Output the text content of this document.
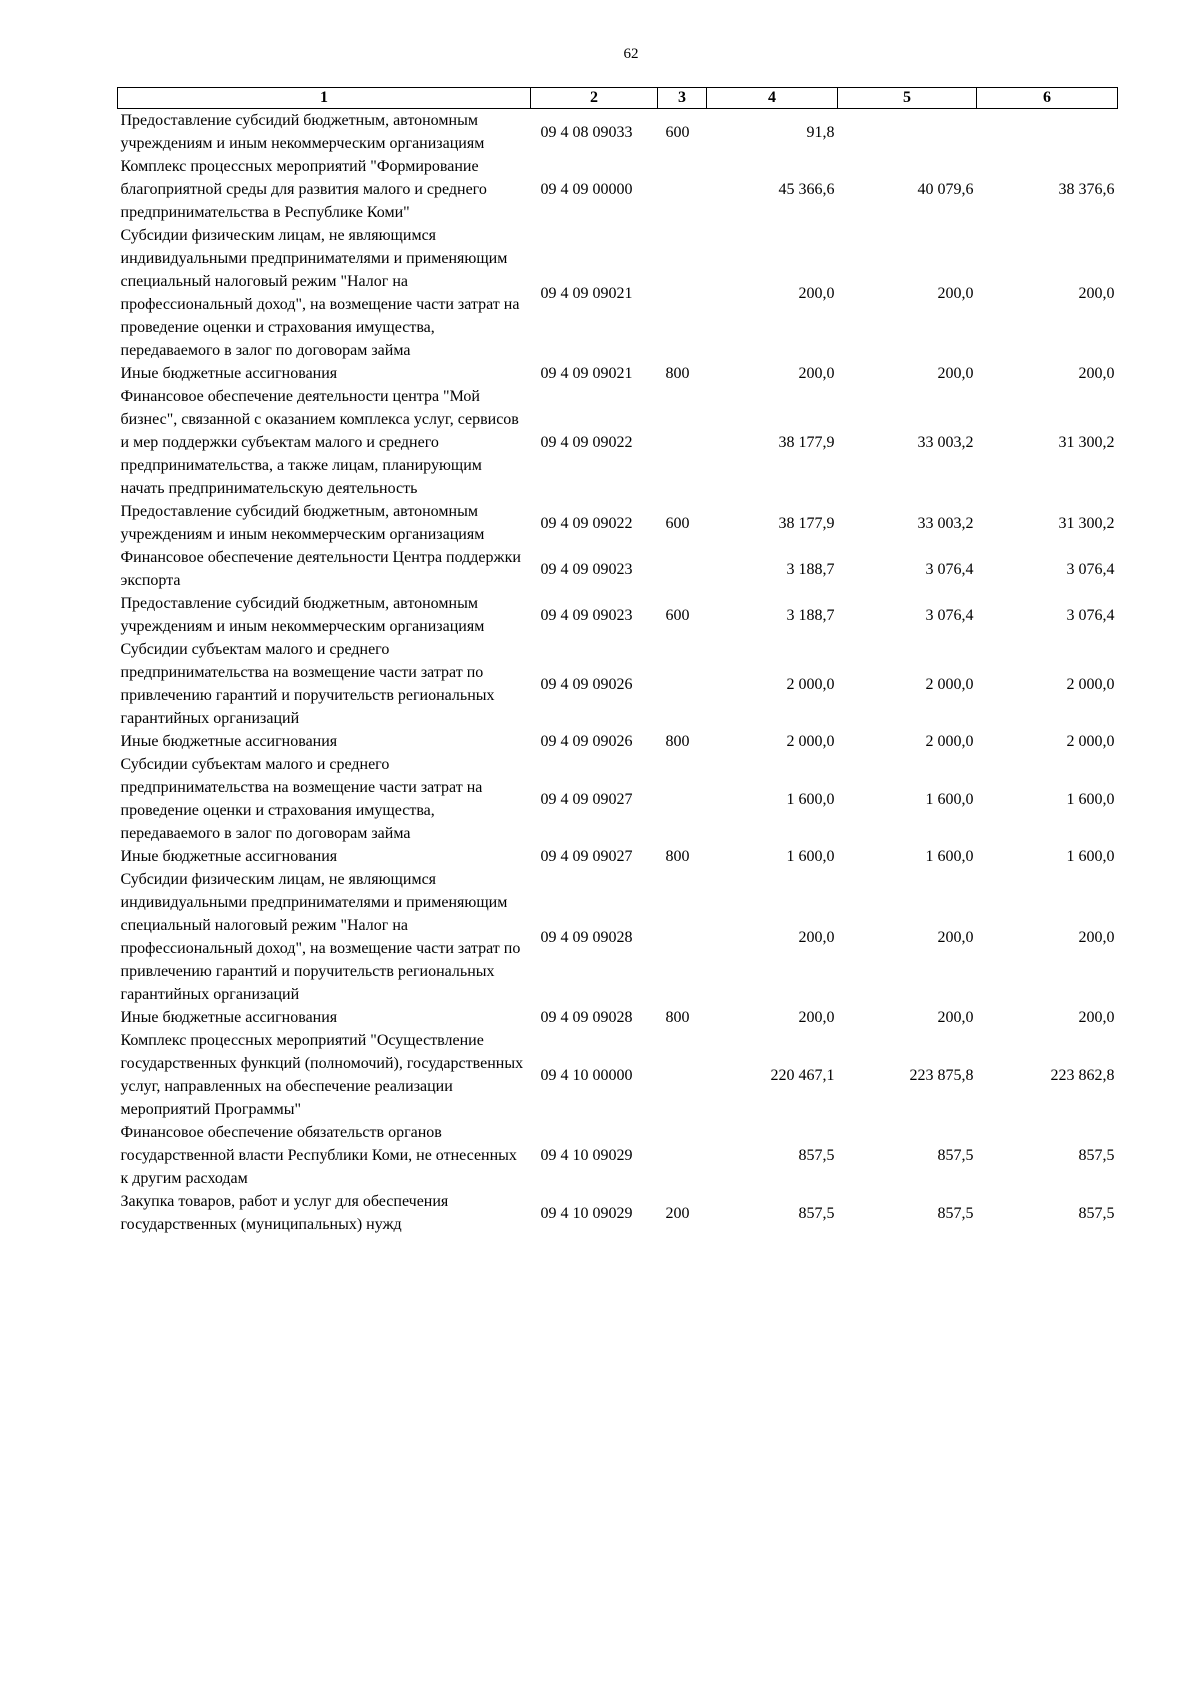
62
1	2	3	4	5	6
Предоставление субсидий бюджетным, автономным учреждениям и иным некоммерческим организациям	09 4 08 09033	600	91,8		
Комплекс процессных мероприятий "Формирование благоприятной среды для развития малого и среднего предпринимательства в Республике Коми"	09 4 09 00000		45 366,6	40 079,6	38 376,6
Субсидии физическим лицам, не являющимся индивидуальными предпринимателями и применяющим специальный налоговый режим "Налог на профессиональный доход", на возмещение части затрат на проведение оценки и страхования имущества, передаваемого в залог по договорам займа	09 4 09 09021		200,0	200,0	200,0
Иные бюджетные ассигнования	09 4 09 09021	800	200,0	200,0	200,0
Финансовое обеспечение деятельности центра "Мой бизнес", связанной с оказанием комплекса услуг, сервисов и мер поддержки субъектам малого и среднего предпринимательства, а также лицам, планирующим начать предпринимательскую деятельность	09 4 09 09022		38 177,9	33 003,2	31 300,2
Предоставление субсидий бюджетным, автономным учреждениям и иным некоммерческим организациям	09 4 09 09022	600	38 177,9	33 003,2	31 300,2
Финансовое обеспечение деятельности Центра поддержки экспорта	09 4 09 09023		3 188,7	3 076,4	3 076,4
Предоставление субсидий бюджетным, автономным учреждениям и иным некоммерческим организациям	09 4 09 09023	600	3 188,7	3 076,4	3 076,4
Субсидии субъектам малого и среднего предпринимательства на возмещение части затрат по привлечению гарантий и поручительств региональных гарантийных организаций	09 4 09 09026		2 000,0	2 000,0	2 000,0
Иные бюджетные ассигнования	09 4 09 09026	800	2 000,0	2 000,0	2 000,0
Субсидии субъектам малого и среднего предпринимательства на возмещение части затрат на проведение оценки и страхования имущества, передаваемого в залог по договорам займа	09 4 09 09027		1 600,0	1 600,0	1 600,0
Иные бюджетные ассигнования	09 4 09 09027	800	1 600,0	1 600,0	1 600,0
Субсидии физическим лицам, не являющимся индивидуальными предпринимателями и применяющим специальный налоговый режим "Налог на профессиональный доход", на возмещение части затрат по привлечению гарантий и поручительств региональных гарантийных организаций	09 4 09 09028		200,0	200,0	200,0
Иные бюджетные ассигнования	09 4 09 09028	800	200,0	200,0	200,0
Комплекс процессных мероприятий "Осуществление государственных функций (полномочий), государственных услуг, направленных на обеспечение реализации мероприятий Программы"	09 4 10 00000		220 467,1	223 875,8	223 862,8
Финансовое обеспечение обязательств органов государственной власти Республики Коми, не отнесенных к другим расходам	09 4 10 09029		857,5	857,5	857,5
Закупка товаров, работ и услуг для обеспечения государственных (муниципальных) нужд	09 4 10 09029	200	857,5	857,5	857,5
